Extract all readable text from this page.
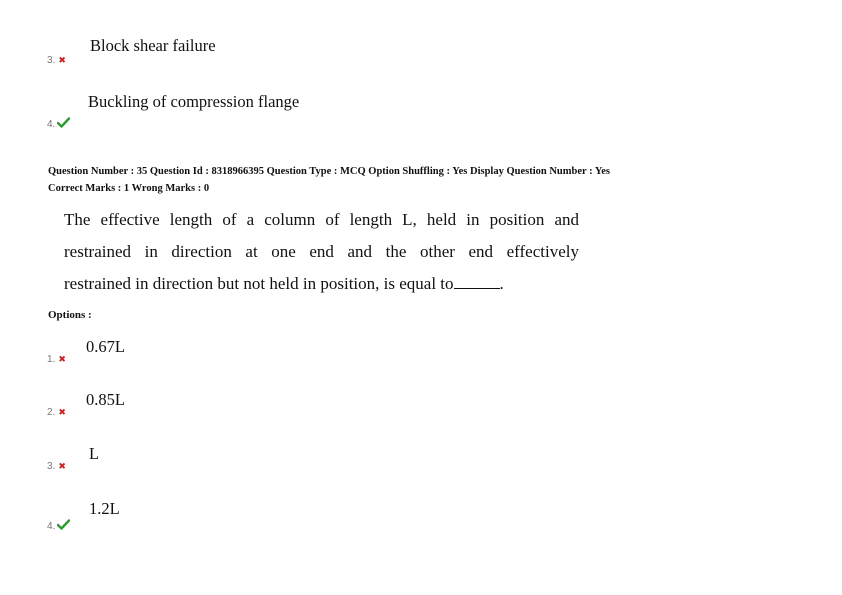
Block shear failure
3. ✖
Buckling of compression flange
4.
Question Number : 35 Question Id : 8318966395 Question Type : MCQ Option Shuffling : Yes Display Question Number : Yes
Correct Marks : 1 Wrong Marks : 0
The effective length of a column of length L, held in position and
restrained in direction at one end and the other end effectively
restrained in direction but not held in position, is equal to	.
Options :
0.67L
1. ✖
0.85L
2. ✖
L
3. ✖
1.2L
4.
